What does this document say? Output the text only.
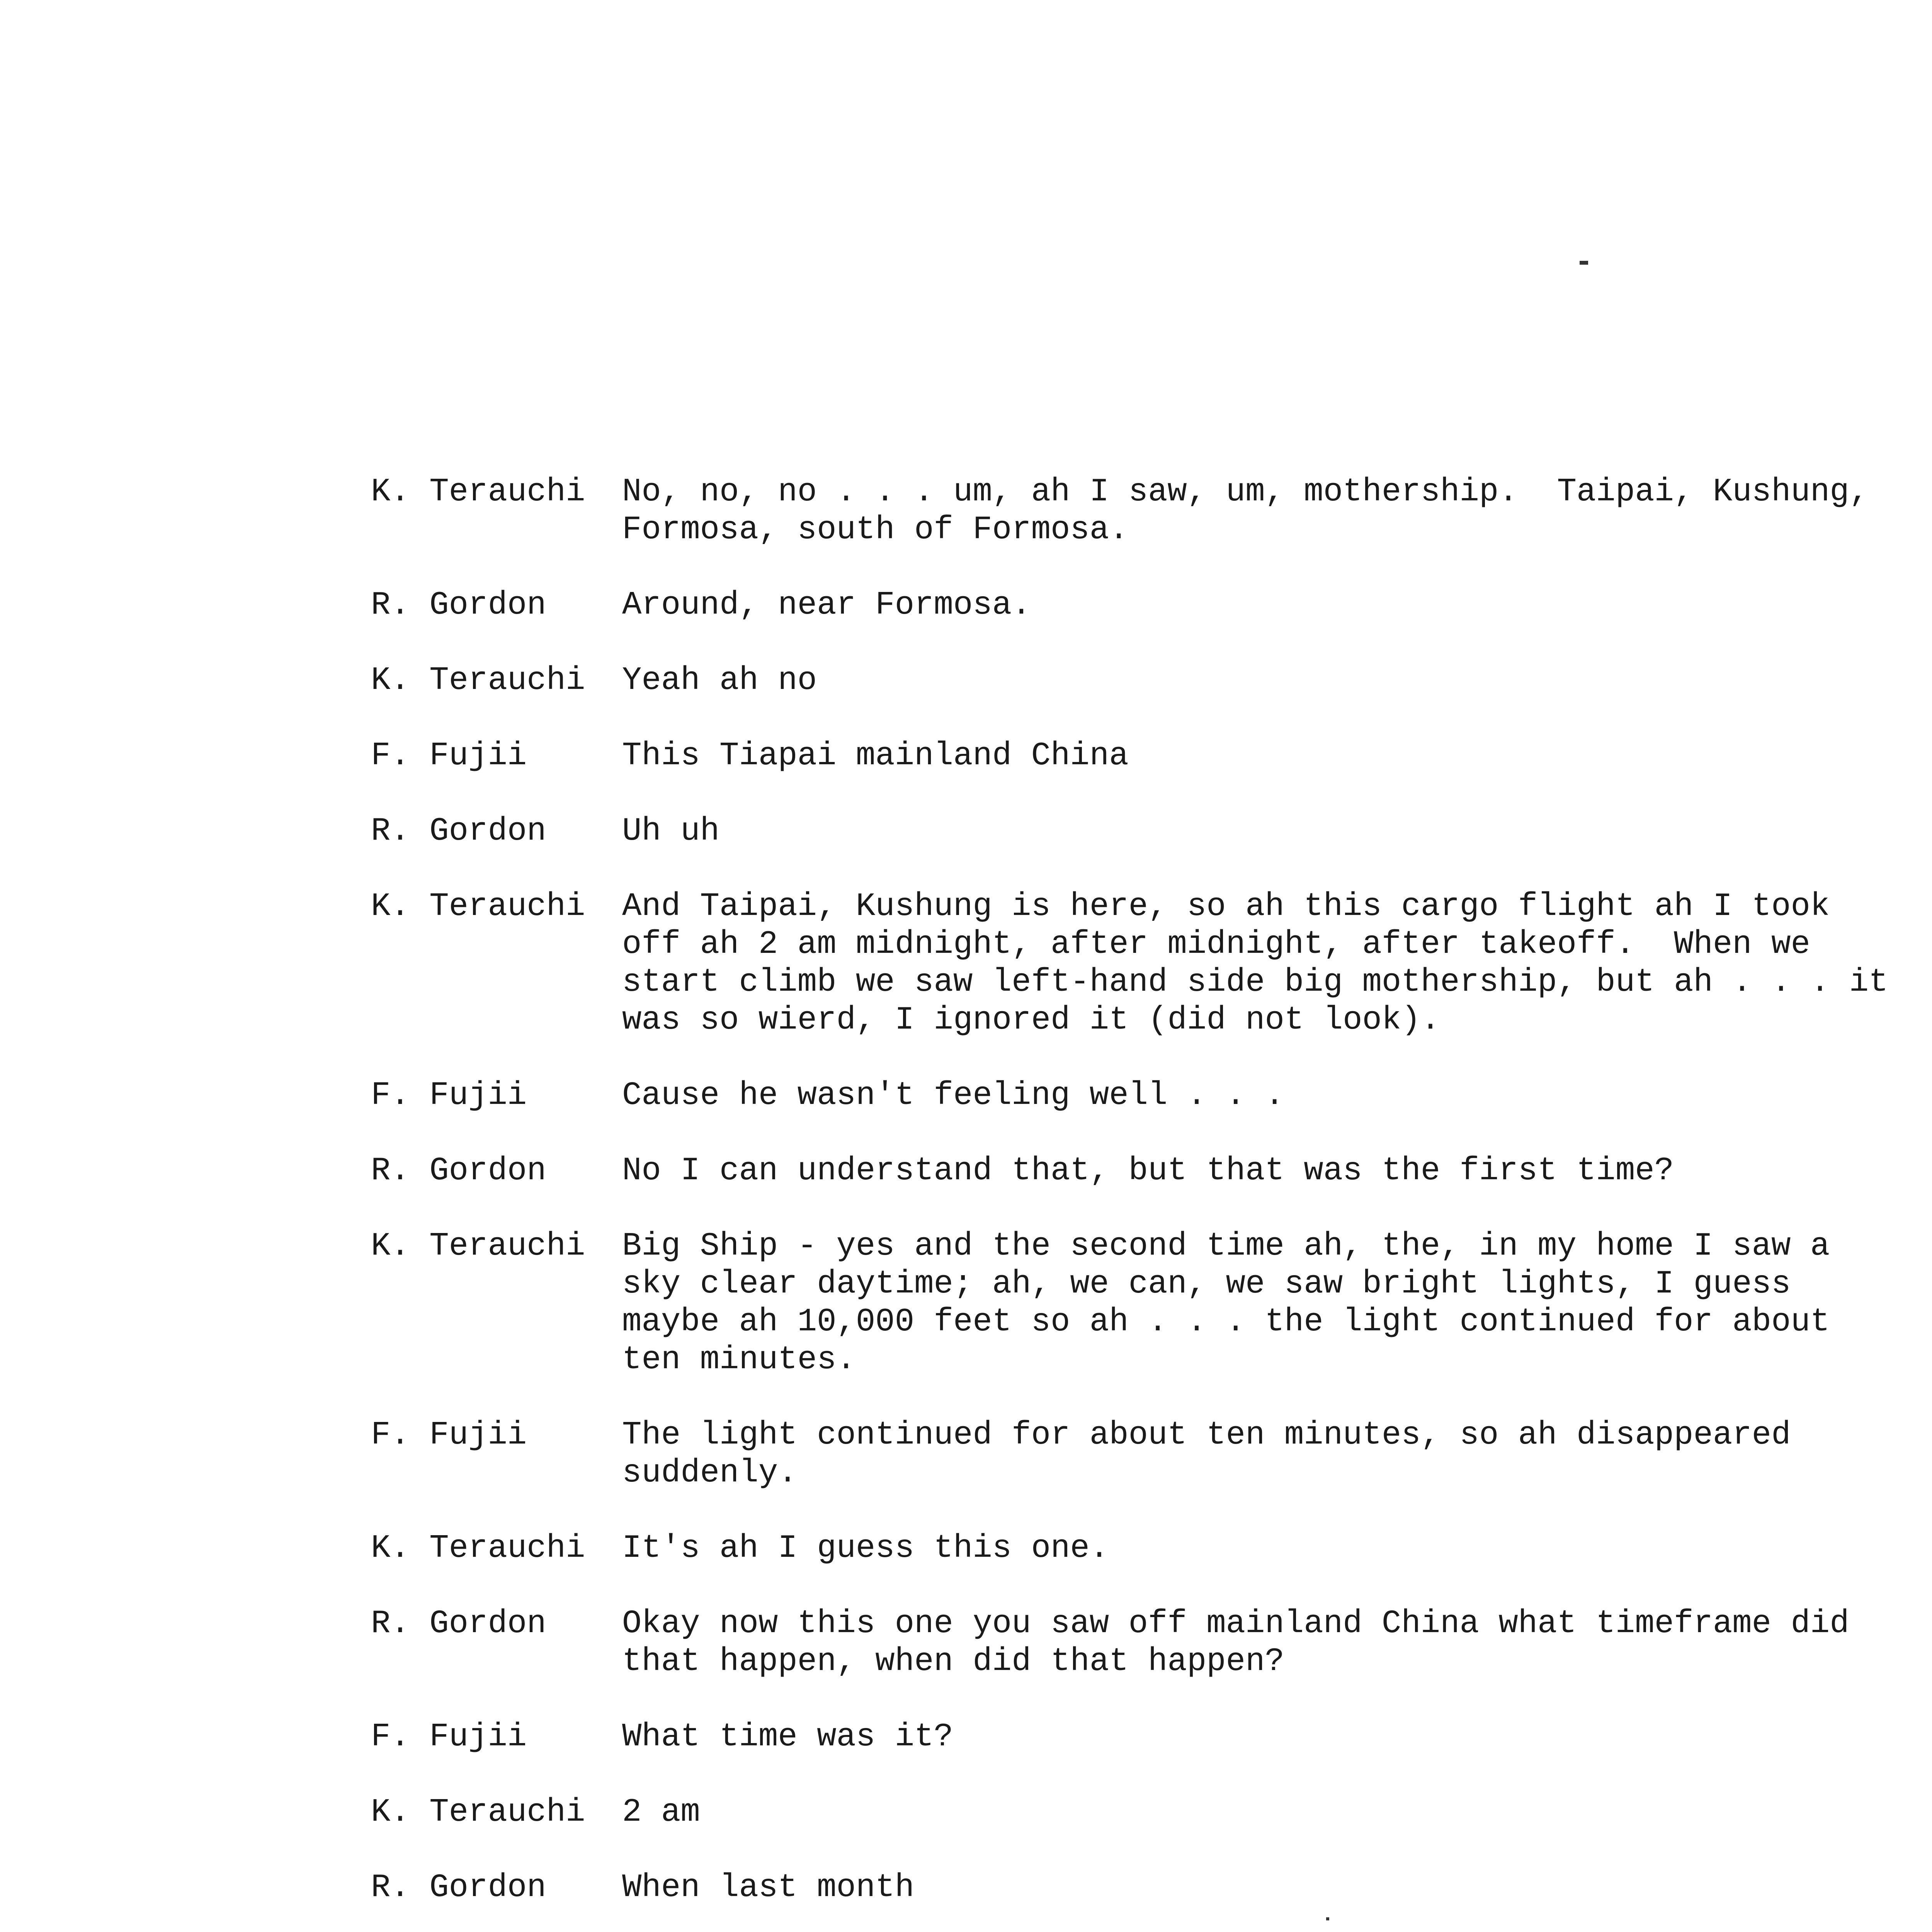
K. Terauchi	No, no, no . . . um, ah I saw, um, mothership.  Taipai, Kushung,
Formosa, south of Formosa.
R. Gordon	Around, near Formosa.
K. Terauchi	Yeah ah no
F. Fujii	This Tiapai mainland China
R. Gordon	Uh uh
K. Terauchi	And Taipai, Kushung is here, so ah this cargo flight ah I took
off ah 2 am midnight, after midnight, after takeoff.  When we
start climb we saw left-hand side big mothership, but ah . . . it
was so wierd, I ignored it (did not look).
F. Fujii	Cause he wasn't feeling well . . .
R. Gordon	No I can understand that, but that was the first time?
K. Terauchi	Big Ship - yes and the second time ah, the, in my home I saw a
sky clear daytime; ah, we can, we saw bright lights, I guess
maybe ah 10,000 feet so ah . . . the light continued for about
ten minutes.
F. Fujii	The light continued for about ten minutes, so ah disappeared
suddenly.
K. Terauchi	It's ah I guess this one.
R. Gordon	Okay now this one you saw off mainland China what timeframe did
that happen, when did that happen?
F. Fujii	What time was it?
K. Terauchi	2 am
R. Gordon	When last month
